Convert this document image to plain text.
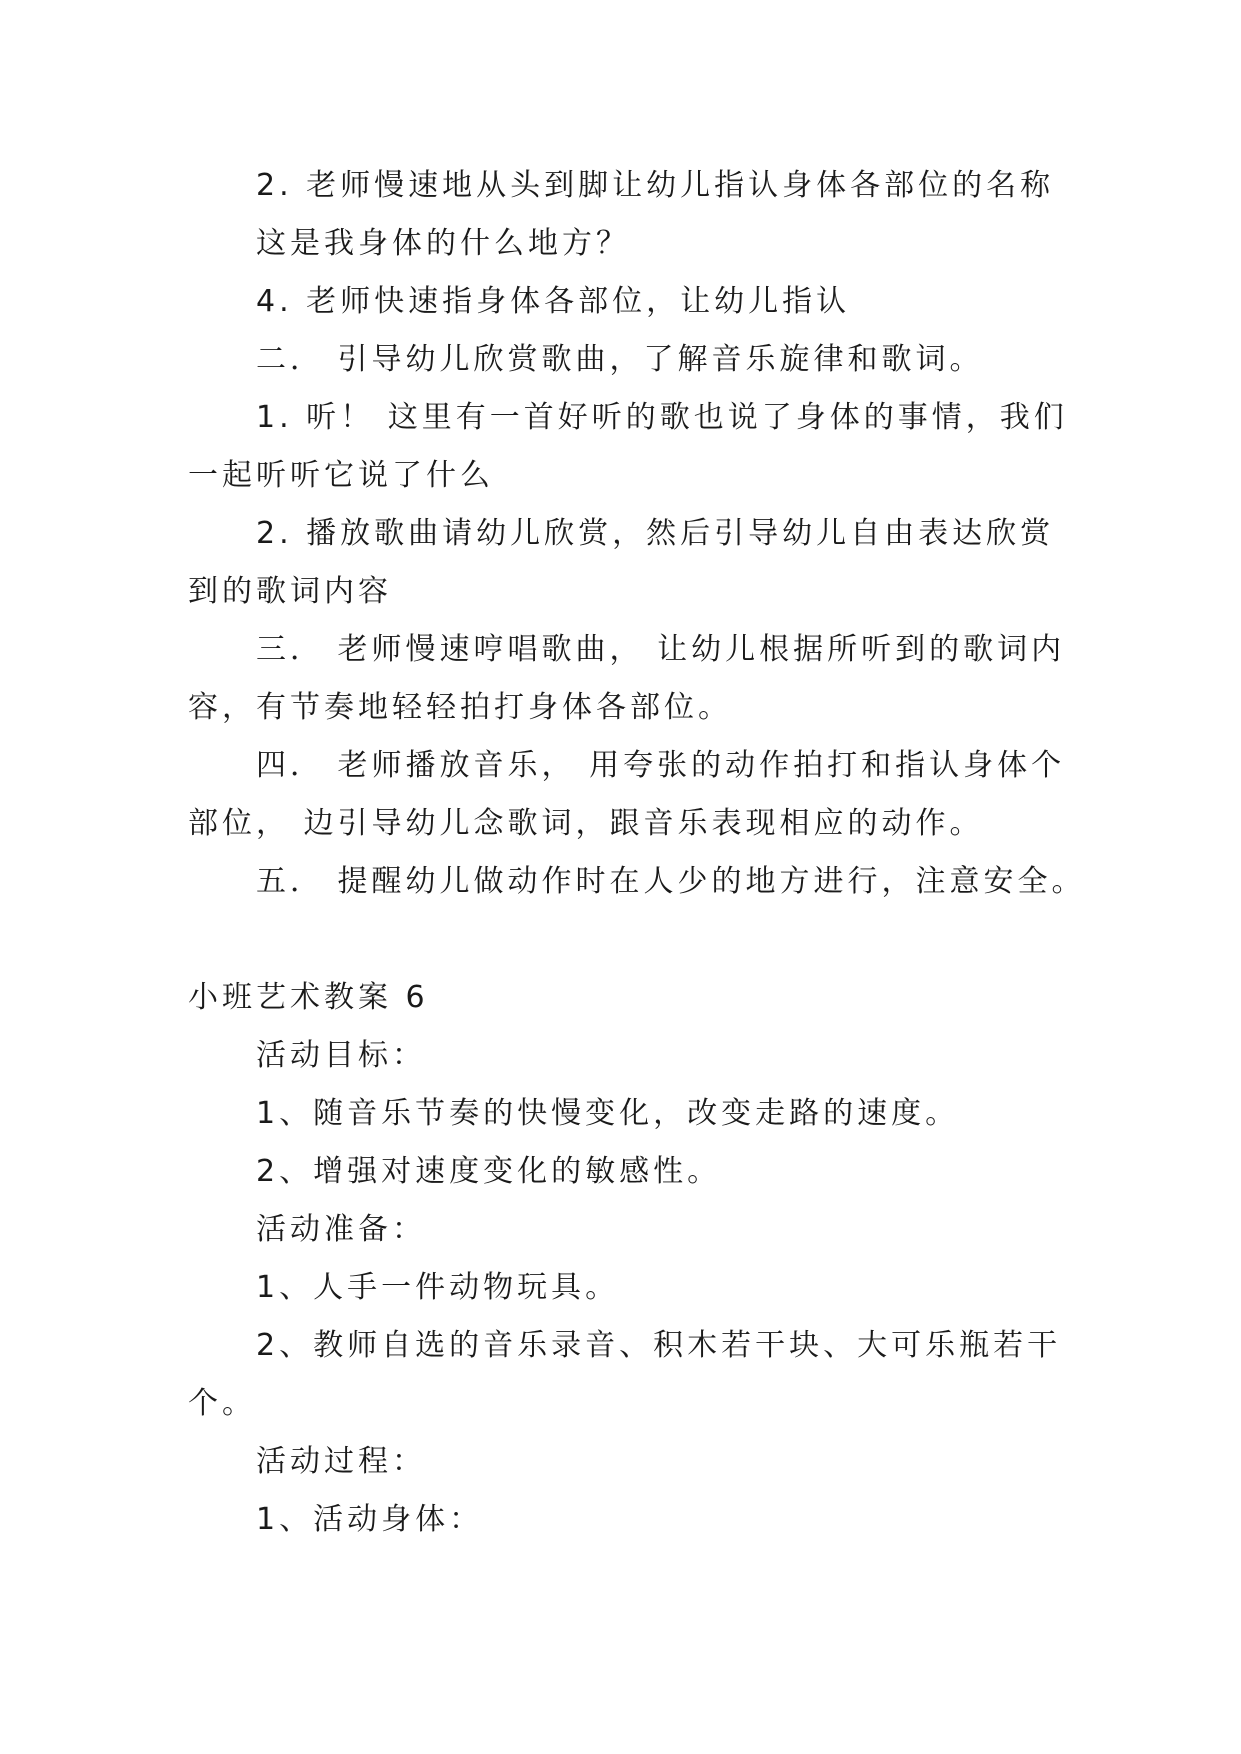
2. 老师慢速地从头到脚让幼儿指认身体各部位的名称
这是我身体的什么地方？
4. 老师快速指身体各部位，让幼儿指认
二． 引导幼儿欣赏歌曲，了解音乐旋律和歌词。
1. 听！ 这里有一首好听的歌也说了身体的事情，我们
一起听听它说了什么
2. 播放歌曲请幼儿欣赏，然后引导幼儿自由表达欣赏
到的歌词内容
三． 老师慢速哼唱歌曲， 让幼儿根据所听到的歌词内
容，有节奏地轻轻拍打身体各部位。
四． 老师播放音乐， 用夸张的动作拍打和指认身体个
部位， 边引导幼儿念歌词，跟音乐表现相应的动作。
五． 提醒幼儿做动作时在人少的地方进行，注意安全。
小班艺术教案 6
活动目标：
1、随音乐节奏的快慢变化，改变走路的速度。
2、增强对速度变化的敏感性。
活动准备：
1、人手一件动物玩具。
2、教师自选的音乐录音、积木若干块、大可乐瓶若干
个。
活动过程：
1、活动身体：
